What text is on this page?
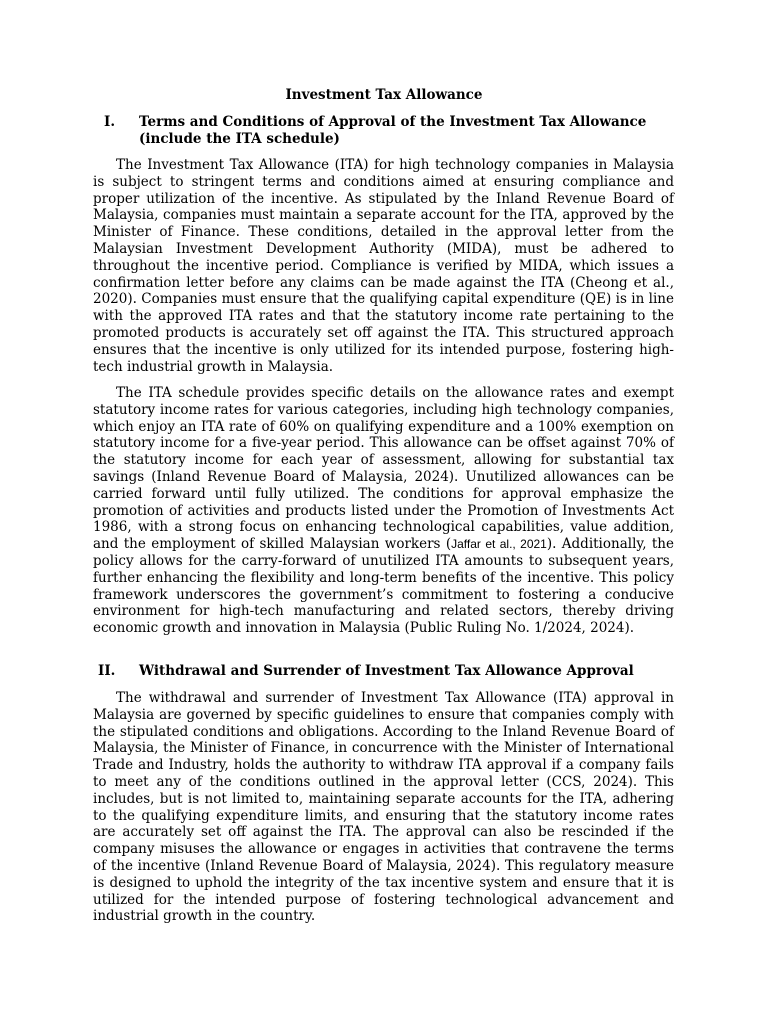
Investment Tax Allowance
I. Terms and Conditions of Approval of the Investment Tax Allowance (include the ITA schedule)

The Investment Tax Allowance (ITA) for high technology companies in Malaysia is subject to stringent terms and conditions aimed at ensuring compliance and proper utilization of the incentive. As stipulated by the Inland Revenue Board of Malaysia, companies must maintain a separate account for the ITA, approved by the Minister of Finance. These conditions, detailed in the approval letter from the Malaysian Investment Development Authority (MIDA), must be adhered to throughout the incentive period. Compliance is verified by MIDA, which issues a confirmation letter before any claims can be made against the ITA (Cheong et al., 2020). Companies must ensure that the qualifying capital expenditure (QE) is in line with the approved ITA rates and that the statutory income rate pertaining to the promoted products is accurately set off against the ITA. This structured approach ensures that the incentive is only utilized for its intended purpose, fostering high-tech industrial growth in Malaysia.

The ITA schedule provides specific details on the allowance rates and exempt statutory income rates for various categories, including high technology companies, which enjoy an ITA rate of 60% on qualifying expenditure and a 100% exemption on statutory income for a five-year period. This allowance can be offset against 70% of the statutory income for each year of assessment, allowing for substantial tax savings (Inland Revenue Board of Malaysia, 2024). Unutilized allowances can be carried forward until fully utilized. The conditions for approval emphasize the promotion of activities and products listed under the Promotion of Investments Act 1986, with a strong focus on enhancing technological capabilities, value addition, and the employment of skilled Malaysian workers (Jaffar et al., 2021). Additionally, the policy allows for the carry-forward of unutilized ITA amounts to subsequent years, further enhancing the flexibility and long-term benefits of the incentive. This policy framework underscores the government’s commitment to fostering a conducive environment for high-tech manufacturing and related sectors, thereby driving economic growth and innovation in Malaysia (Public Ruling No. 1/2024, 2024).

II. Withdrawal and Surrender of Investment Tax Allowance Approval

The withdrawal and surrender of Investment Tax Allowance (ITA) approval in Malaysia are governed by specific guidelines to ensure that companies comply with the stipulated conditions and obligations. According to the Inland Revenue Board of Malaysia, the Minister of Finance, in concurrence with the Minister of International Trade and Industry, holds the authority to withdraw ITA approval if a company fails to meet any of the conditions outlined in the approval letter (CCS, 2024). This includes, but is not limited to, maintaining separate accounts for the ITA, adhering to the qualifying expenditure limits, and ensuring that the statutory income rates are accurately set off against the ITA. The approval can also be rescinded if the company misuses the allowance or engages in activities that contravene the terms of the incentive (Inland Revenue Board of Malaysia, 2024). This regulatory measure is designed to uphold the integrity of the tax incentive system and ensure that it is utilized for the intended purpose of fostering technological advancement and industrial growth in the country.
